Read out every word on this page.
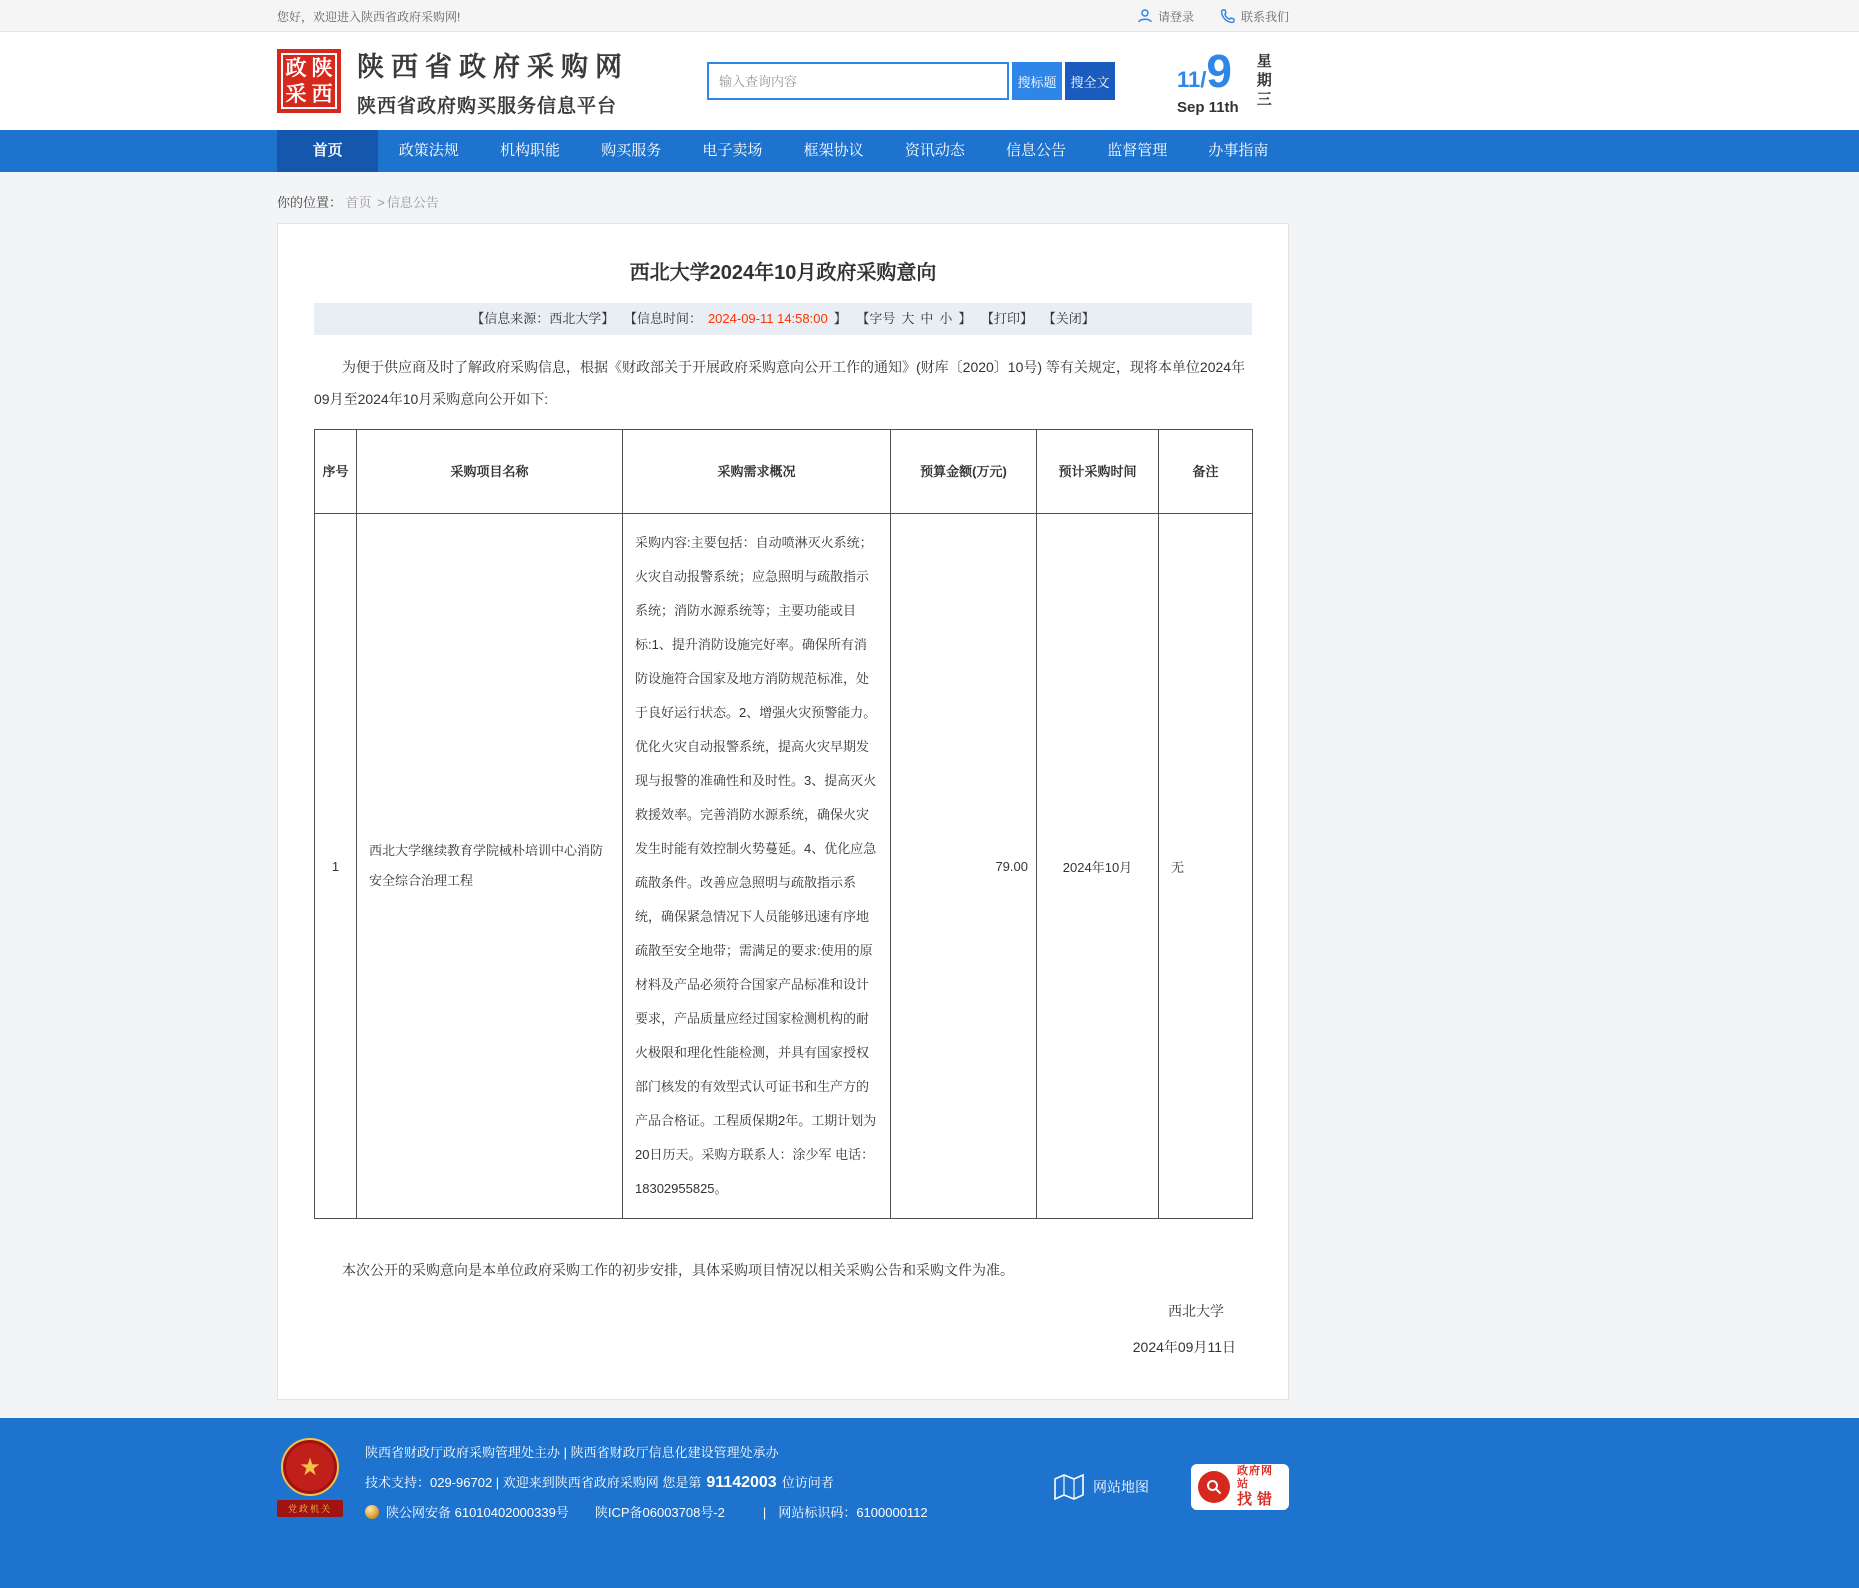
您好，欢迎进入陕西省政府采购网!	请登录	联系我们
政 陕
采 西
陕西省政府采购网
陕西省政府购买服务信息平台
输入查询内容
搜标题	搜全文	11/ 9
Sep 11th
星期三
首页	政策法规	机构职能	购买服务	电子卖场	框架协议	资讯动态	信息公告	监督管理	办事指南
你的位置： 首页 > 信息公告
西北大学2024年10月政府采购意向
【信息来源：西北大学】 【信息时间： 2024-09-11 14:58:00 】 【字号 大 中 小 】 【打印】 【关闭】

为便于供应商及时了解政府采购信息，根据《财政部关于开展政府采购意向公开工作的通知》(财库〔2020〕10号) 等有关规定，现将本单位2024年09月至2024年10月采购意向公开如下:

序号	采购项目名称	采购需求概况	预算金额(万元)	预计采购时间	备注
1	西北大学继续教育学院棫朴培训中心消防安全综合治理工程	采购内容:主要包括：自动喷淋灭火系统；火灾自动报警系统；应急照明与疏散指示系统；消防水源系统等；主要功能或目标:1、提升消防设施完好率。确保所有消防设施符合国家及地方消防规范标准，处于良好运行状态。2、增强火灾预警能力。优化火灾自动报警系统，提高火灾早期发现与报警的准确性和及时性。3、提高灭火救援效率。完善消防水源系统，确保火灾发生时能有效控制火势蔓延。4、优化应急疏散条件。改善应急照明与疏散指示系统，确保紧急情况下人员能够迅速有序地疏散至安全地带；需满足的要求:使用的原材料及产品必须符合国家产品标准和设计要求，产品质量应经过国家检测机构的耐火极限和理化性能检测，并具有国家授权部门核发的有效型式认可证书和生产方的产品合格证。工程质保期2年。工期计划为20日历天。采购方联系人：涂少军 电话：18302955825。	79.00	2024年10月	无

本次公开的采购意向是本单位政府采购工作的初步安排，具体采购项目情况以相关采购公告和采购文件为准。

西北大学
2024年09月11日
★
党政机关
陕西省财政厅政府采购管理处主办 | 陕西省财政厅信息化建设管理处承办
技术支持：029-96702 | 欢迎来到陕西省政府采购网 您是第 91142003 位访问者
陕公网安备 61010402000339号 陕ICP备06003708号-2	| 网站标识码：6100000112
网站地图
政府网站
找错
